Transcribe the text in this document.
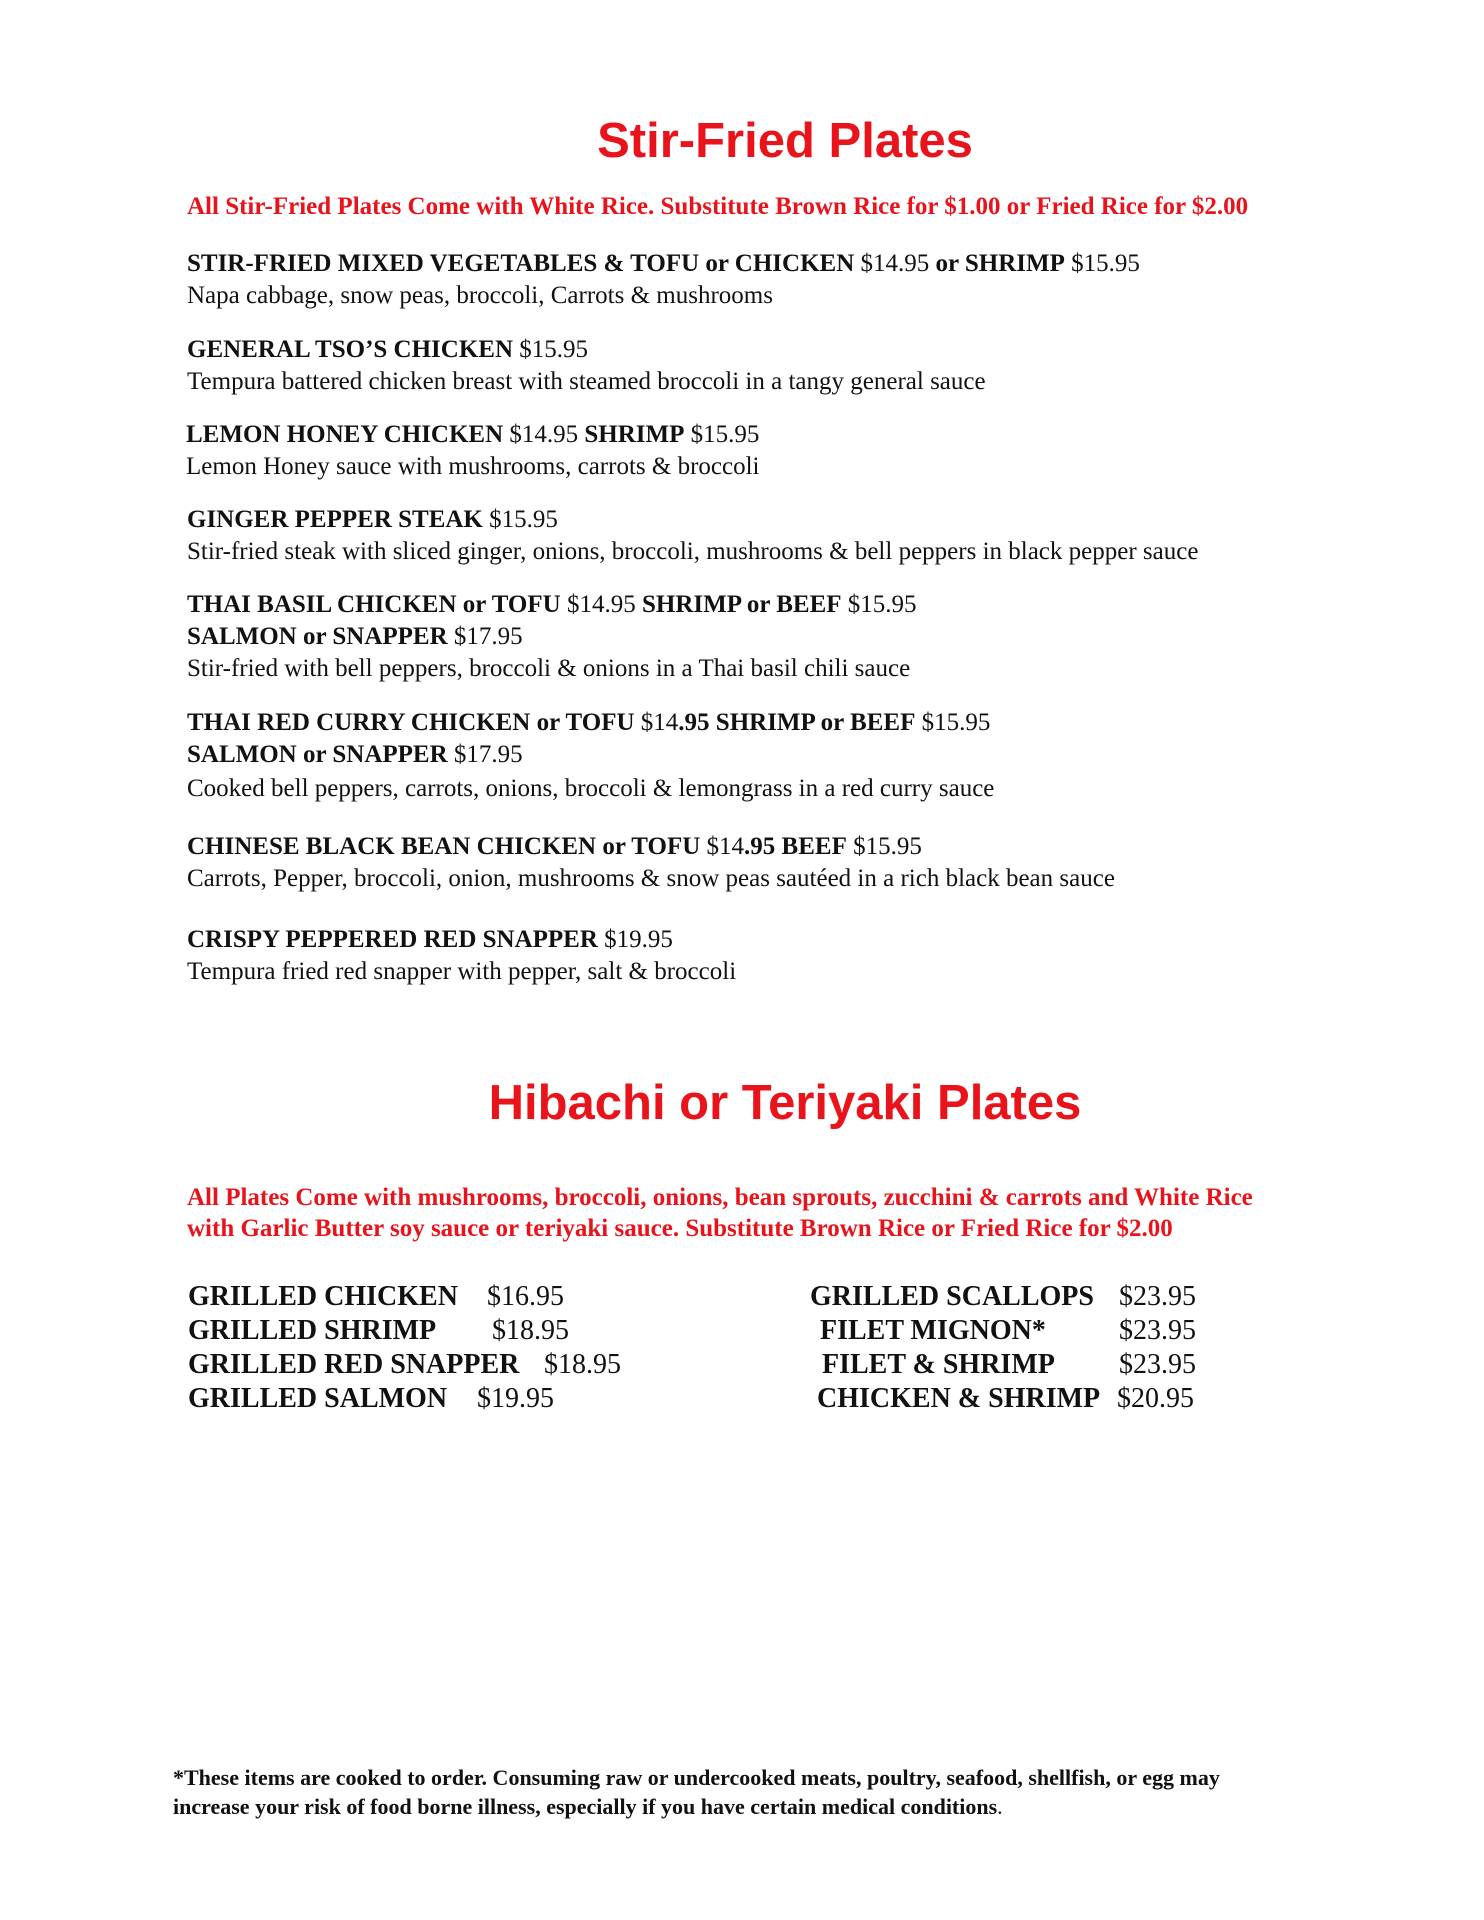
Stir-Fried Plates

All Stir-Fried Plates Come with White Rice. Substitute Brown Rice for $1.00 or Fried Rice for $2.00

STIR-FRIED MIXED VEGETABLES & TOFU or CHICKEN $14.95 or SHRIMP $15.95
Napa cabbage, snow peas, broccoli, Carrots & mushrooms
GENERAL TSO’S CHICKEN $15.95
Tempura battered chicken breast with steamed broccoli in a tangy general sauce
LEMON HONEY CHICKEN $14.95 SHRIMP $15.95
Lemon Honey sauce with mushrooms, carrots & broccoli
GINGER PEPPER STEAK $15.95
Stir-fried steak with sliced ginger, onions, broccoli, mushrooms & bell peppers in black pepper sauce
THAI BASIL CHICKEN or TOFU $14.95 SHRIMP or BEEF $15.95
SALMON or SNAPPER $17.95
Stir-fried with bell peppers, broccoli & onions in a Thai basil chili sauce
THAI RED CURRY CHICKEN or TOFU $14.95 SHRIMP or BEEF $15.95
SALMON or SNAPPER $17.95
Cooked bell peppers, carrots, onions, broccoli & lemongrass in a red curry sauce
CHINESE BLACK BEAN CHICKEN or TOFU $14.95 BEEF $15.95
Carrots, Pepper, broccoli, onion, mushrooms & snow peas sautéed in a rich black bean sauce
CRISPY PEPPERED RED SNAPPER $19.95
Tempura fried red snapper with pepper, salt & broccoli
Hibachi or Teriyaki Plates

All Plates Come with mushrooms, broccoli, onions, bean sprouts, zucchini & carrots and White Rice
with Garlic Butter soy sauce or teriyaki sauce. Substitute Brown Rice or Fried Rice for $2.00

GRILLED CHICKEN $16.95
GRILLED SHRIMP $18.95
GRILLED RED SNAPPER $18.95
GRILLED SALMON $19.95
GRILLED SCALLOPS $23.95
FILET MIGNON*	$23.95
FILET & SHRIMP $23.95
CHICKEN & SHRIMP $20.95
*These items are cooked to order. Consuming raw or undercooked meats, poultry, seafood, shellfish, or egg may
increase your risk of food borne illness, especially if you have certain medical conditions.
